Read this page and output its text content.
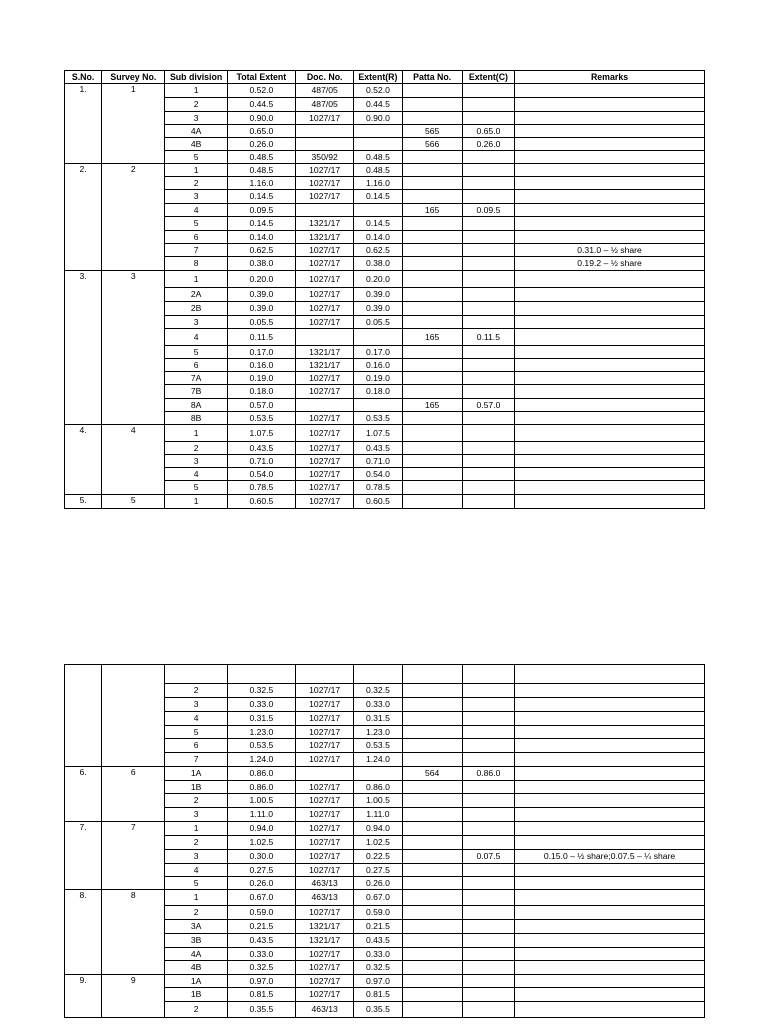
S.No.	Survey No.	Sub division	Total Extent	Doc. No.	Extent(R)	Patta No.	Extent(C)	Remarks
1.	1	1	0.52.0	487/05	0.52.0			
		2	0.44.5	487/05	0.44.5			
		3	0.90.0	1027/17	0.90.0			
		4A	0.65.0			565	0.65.0	
		4B	0.26.0			566	0.26.0	
		5	0.48.5	350/92	0.48.5			
2.	2	1	0.48.5	1027/17	0.48.5			
		2	1.16.0	1027/17	1.16.0			
		3	0.14.5	1027/17	0.14.5			
		4	0.09.5			165	0.09.5	
		5	0.14.5	1321/17	0.14.5			
		6	0.14.0	1321/17	0.14.0			
		7	0.62.5	1027/17	0.62.5			0.31.0 – ½ share
		8	0.38.0	1027/17	0.38.0			0.19.2 – ½ share
3.	3	1	0.20.0	1027/17	0.20.0			
		2A	0.39.0	1027/17	0.39.0			
		2B	0.39.0	1027/17	0.39.0			
		3	0.05.5	1027/17	0.05.5			
		4	0.11.5			165	0.11.5	
		5	0.17.0	1321/17	0.17.0			
		6	0.16.0	1321/17	0.16.0			
		7A	0.19.0	1027/17	0.19.0			
		7B	0.18.0	1027/17	0.18.0			
		8A	0.57.0			165	0.57.0	
		8B	0.53.5	1027/17	0.53.5			
4.	4	1	1.07.5	1027/17	1.07.5			
		2	0.43.5	1027/17	0.43.5			
		3	0.71.0	1027/17	0.71.0			
		4	0.54.0	1027/17	0.54.0			
		5	0.78.5	1027/17	0.78.5			
5.	5	1	0.60.5	1027/17	0.60.5			

		2	0.32.5	1027/17	0.32.5			
		3	0.33.0	1027/17	0.33.0			
		4	0.31.5	1027/17	0.31.5			
		5	1.23.0	1027/17	1.23.0			
		6	0.53.5	1027/17	0.53.5			
		7	1.24.0	1027/17	1.24.0			
6.	6	1A	0.86.0			564	0.86.0	
		1B	0.86.0	1027/17	0.86.0			
		2	1.00.5	1027/17	1.00.5			
		3	1.11.0	1027/17	1.11.0			
7.	7	1	0.94.0	1027/17	0.94.0			
		2	1.02.5	1027/17	1.02.5			
		3	0.30.0	1027/17	0.22.5		0.07.5	0.15.0 – ½ share;0.07.5 – ¼ share
		4	0.27.5	1027/17	0.27.5			
		5	0.26.0	463/13	0.26.0			
8.	8	1	0.67.0	463/13	0.67.0			
		2	0.59.0	1027/17	0.59.0			
		3A	0.21.5	1321/17	0.21.5			
		3B	0.43.5	1321/17	0.43.5			
		4A	0.33.0	1027/17	0.33.0			
		4B	0.32.5	1027/17	0.32.5			
9.	9	1A	0.97.0	1027/17	0.97.0			
		1B	0.81.5	1027/17	0.81.5			
		2	0.35.5	463/13	0.35.5			
